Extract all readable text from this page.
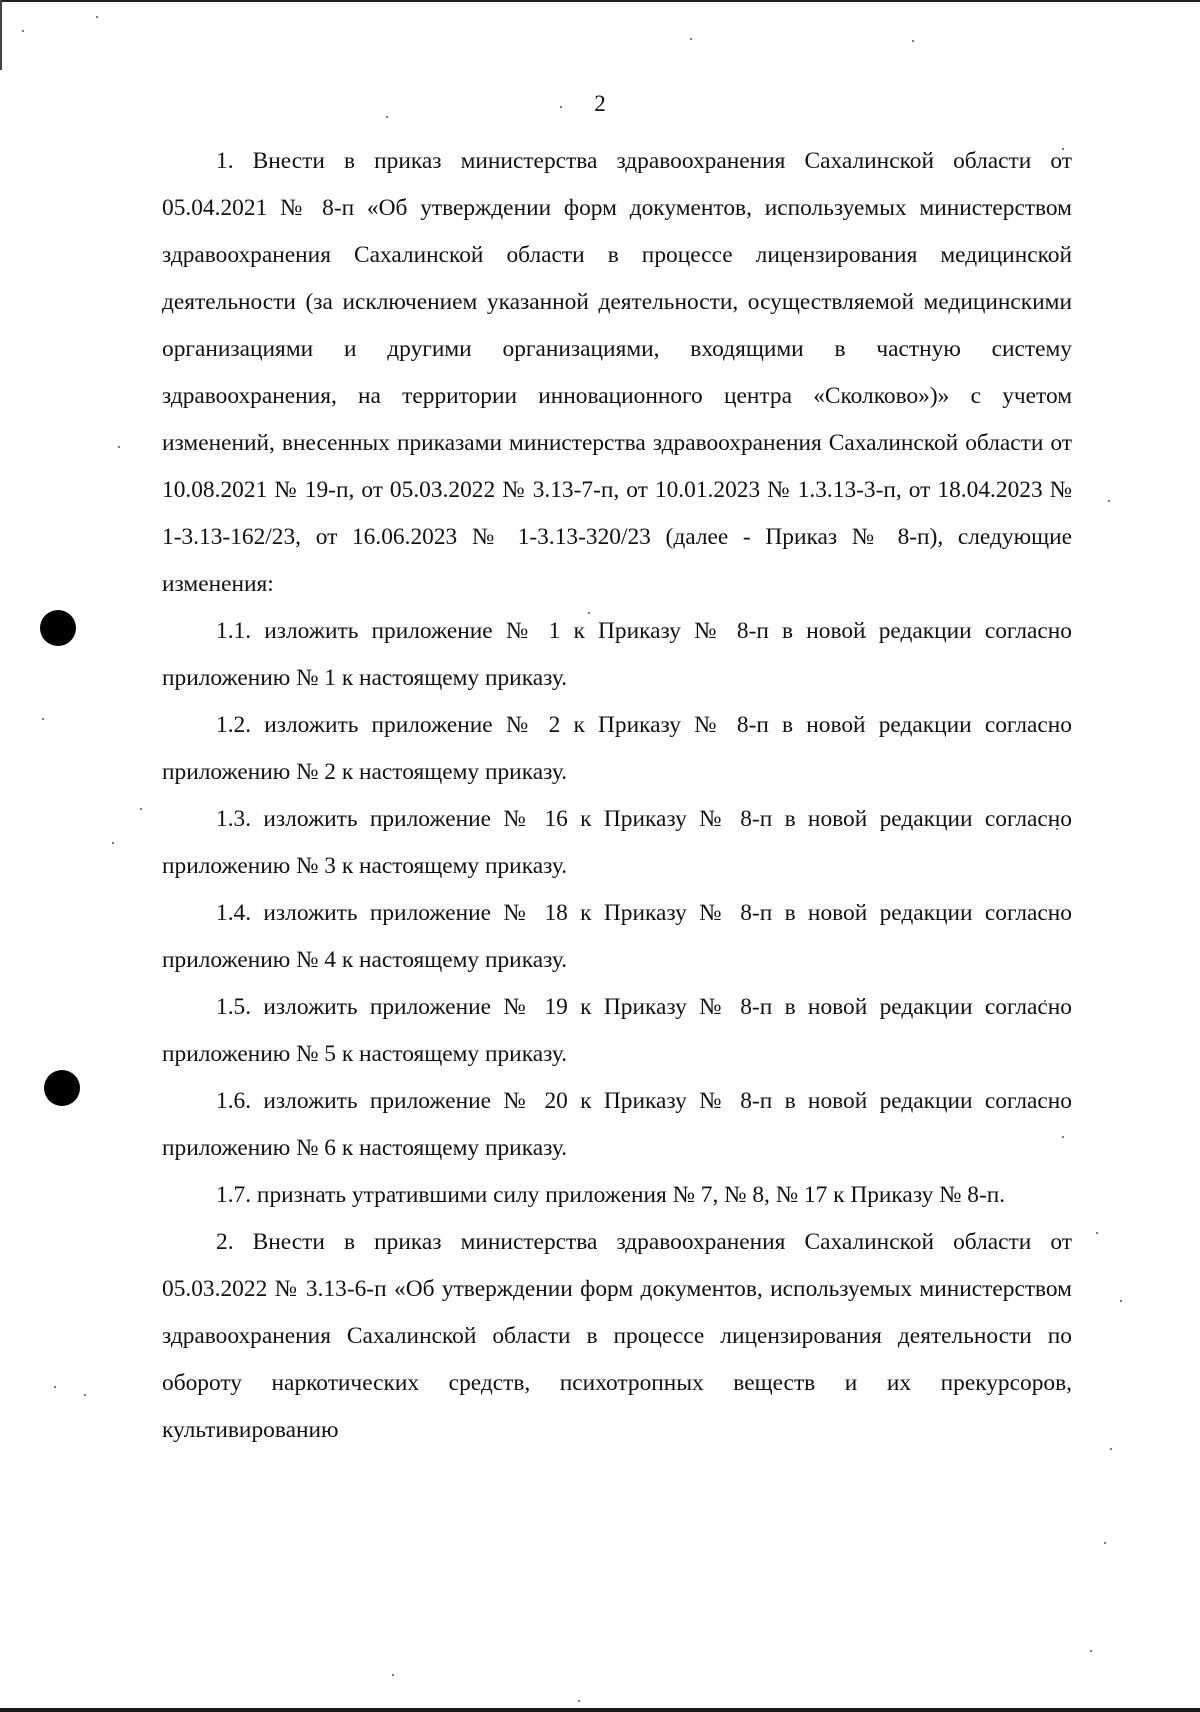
2

1. Внести в приказ министерства здравоохранения Сахалинской области от 05.04.2021 № 8-п «Об утверждении форм документов, используемых министерством здравоохранения Сахалинской области в процессе лицензирования медицинской деятельности (за исключением указанной деятельности, осуществляемой медицинскими организациями и другими организациями, входящими в частную систему здравоохранения, на территории инновационного центра «Сколково»)» с учетом изменений, внесенных приказами министерства здравоохранения Сахалинской области от 10.08.2021 № 19-п, от 05.03.2022 № 3.13-7-п, от 10.01.2023 № 1.3.13-3-п, от 18.04.2023 № 1-3.13-162/23, от 16.06.2023 № 1-3.13-320/23 (далее - Приказ № 8-п), следующие изменения:

1.1. изложить приложение № 1 к Приказу № 8-п в новой редакции согласно приложению № 1 к настоящему приказу.

1.2. изложить приложение № 2 к Приказу № 8-п в новой редакции согласно приложению № 2 к настоящему приказу.

1.3. изложить приложение № 16 к Приказу № 8-п в новой редакции согласно приложению № 3 к настоящему приказу.

1.4. изложить приложение № 18 к Приказу № 8-п в новой редакции согласно приложению № 4 к настоящему приказу.

1.5. изложить приложение № 19 к Приказу № 8-п в новой редакции согласно приложению № 5 к настоящему приказу.

1.6. изложить приложение № 20 к Приказу № 8-п в новой редакции согласно приложению № 6 к настоящему приказу.

1.7. признать утратившими силу приложения № 7, № 8, № 17 к Приказу № 8-п.

2. Внести в приказ министерства здравоохранения Сахалинской области от 05.03.2022 № 3.13-6-п «Об утверждении форм документов, используемых министерством здравоохранения Сахалинской области в процессе лицензирования деятельности по обороту наркотических средств, психотропных веществ и их прекурсоров, культивированию
